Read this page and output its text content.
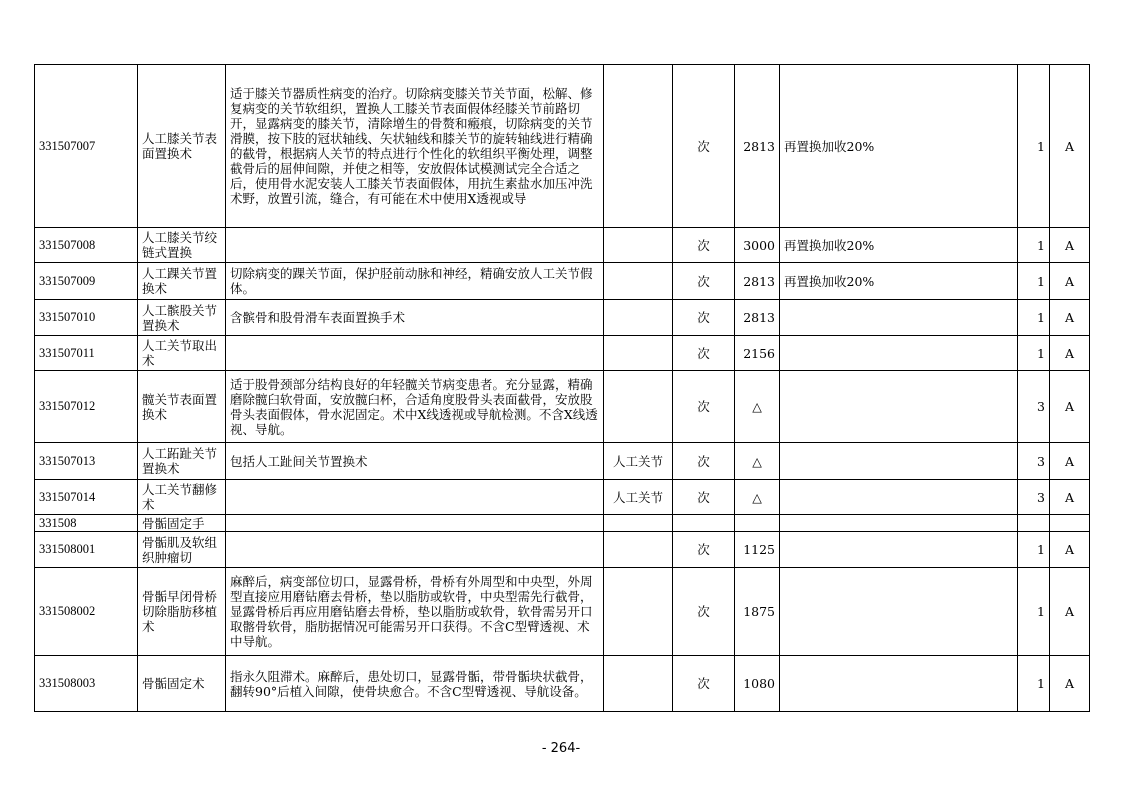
331507007	人工膝关节表面置换术	适于膝关节器质性病变的治疗。切除病变膝关节关节面，松解、修复病变的关节软组织，置换人工膝关节表面假体经膝关节前路切开，显露病变的膝关节，清除增生的骨赘和瘢痕，切除病变的关节滑膜，按下肢的冠状轴线、矢状轴线和膝关节的旋转轴线进行精确的截骨，根据病人关节的特点进行个性化的软组织平衡处理，调整截骨后的屈伸间隙，并使之相等，安放假体试模测试完全合适之后，使用骨水泥安装人工膝关节表面假体，用抗生素盐水加压冲洗术野，放置引流，缝合，有可能在术中使用X透视或导		次	2813	再置换加收20%	1	A
331507008	人工膝关节绞链式置换			次	3000	再置换加收20%	1	A
331507009	人工踝关节置换术	切除病变的踝关节面，保护胫前动脉和神经，精确安放人工关节假体。		次	2813	再置换加收20%	1	A
331507010	人工髌股关节置换术	含髌骨和股骨滑车表面置换手术		次	2813		1	A
331507011	人工关节取出术			次	2156		1	A
331507012	髋关节表面置换术	适于股骨颈部分结构良好的年轻髋关节病变患者。充分显露，精确磨除髋臼软骨面，安放髋臼杯，合适角度股骨头表面截骨，安放股骨头表面假体，骨水泥固定。术中X线透视或导航检测。不含X线透视、导航。		次	△		3	A
331507013	人工跖趾关节置换术	包括人工趾间关节置换术	人工关节	次	△		3	A
331507014	人工关节翻修术		人工关节	次	△		3	A
331508	骨骺固定手							
331508001	骨骺肌及软组织肿瘤切			次	1125		1	A
331508002	骨骺早闭骨桥切除脂肪移植术	麻醉后，病变部位切口，显露骨桥，骨桥有外周型和中央型，外周型直接应用磨钻磨去骨桥，垫以脂肪或软骨，中央型需先行截骨，显露骨桥后再应用磨钻磨去骨桥，垫以脂肪或软骨，软骨需另开口取髂骨软骨，脂肪据情况可能需另开口获得。不含C型臂透视、术中导航。		次	1875		1	A
331508003	骨骺固定术	指永久阻滞术。麻醉后，患处切口，显露骨骺，带骨骺块状截骨，翻转90°后植入间隙，使骨块愈合。不含C型臂透视、导航设备。		次	1080		1	A
- 264-
